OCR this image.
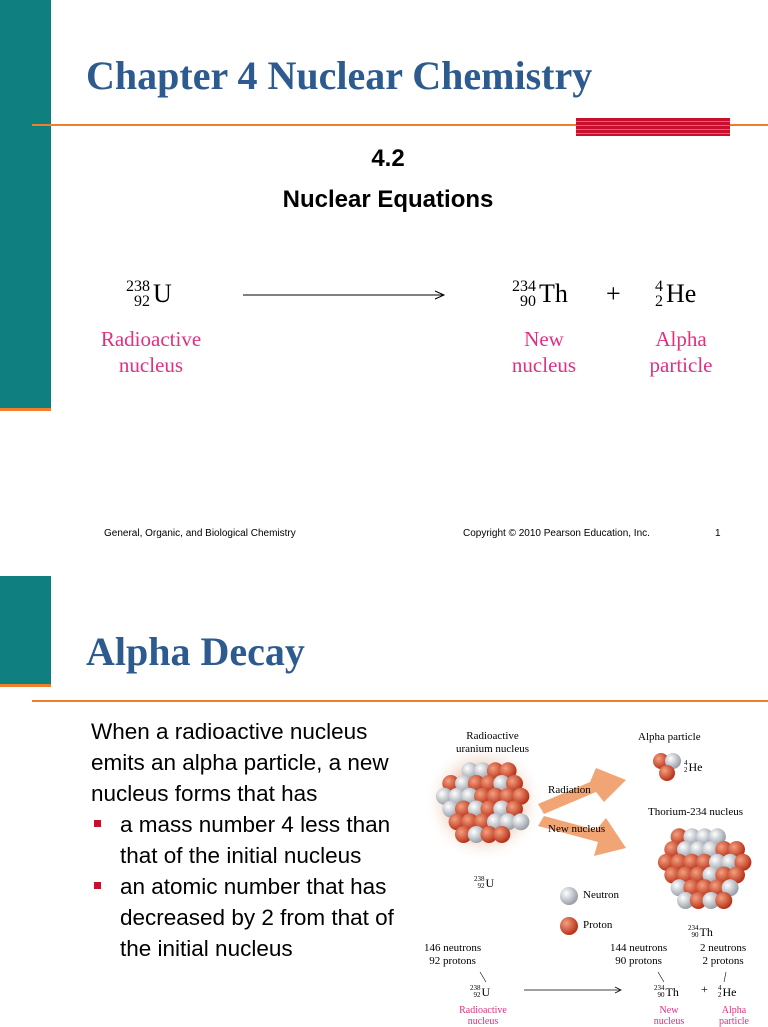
Chapter 4 Nuclear Chemistry
4.2
Nuclear Equations
238
92 U	234
90 Th + 4
2 He
Radioactive
nucleus
New
nucleus
Alpha
particle
General, Organic, and Biological Chemistry	Copyright © 2010 Pearson Education, Inc.	1
Alpha Decay
When a radioactive nucleus emits an alpha particle, a new nucleus forms that has
a mass number 4 less than that of the initial nucleus
an atomic number that has decreased by 2 from that of the initial nucleus
Radioactive
uranium nucleus
Alpha particle
Radiation
Thorium-234 nucleus
New nucleus
Neutron
Proton
4
2 He
238
92 U
234
90 Th
146 neutrons
92 protons
144 neutrons
90 protons
2 neutrons
2 protons
238
92 U	234
90 Th + 4
2 He
Radioactive
nucleus
New
nucleus
Alpha
particle
